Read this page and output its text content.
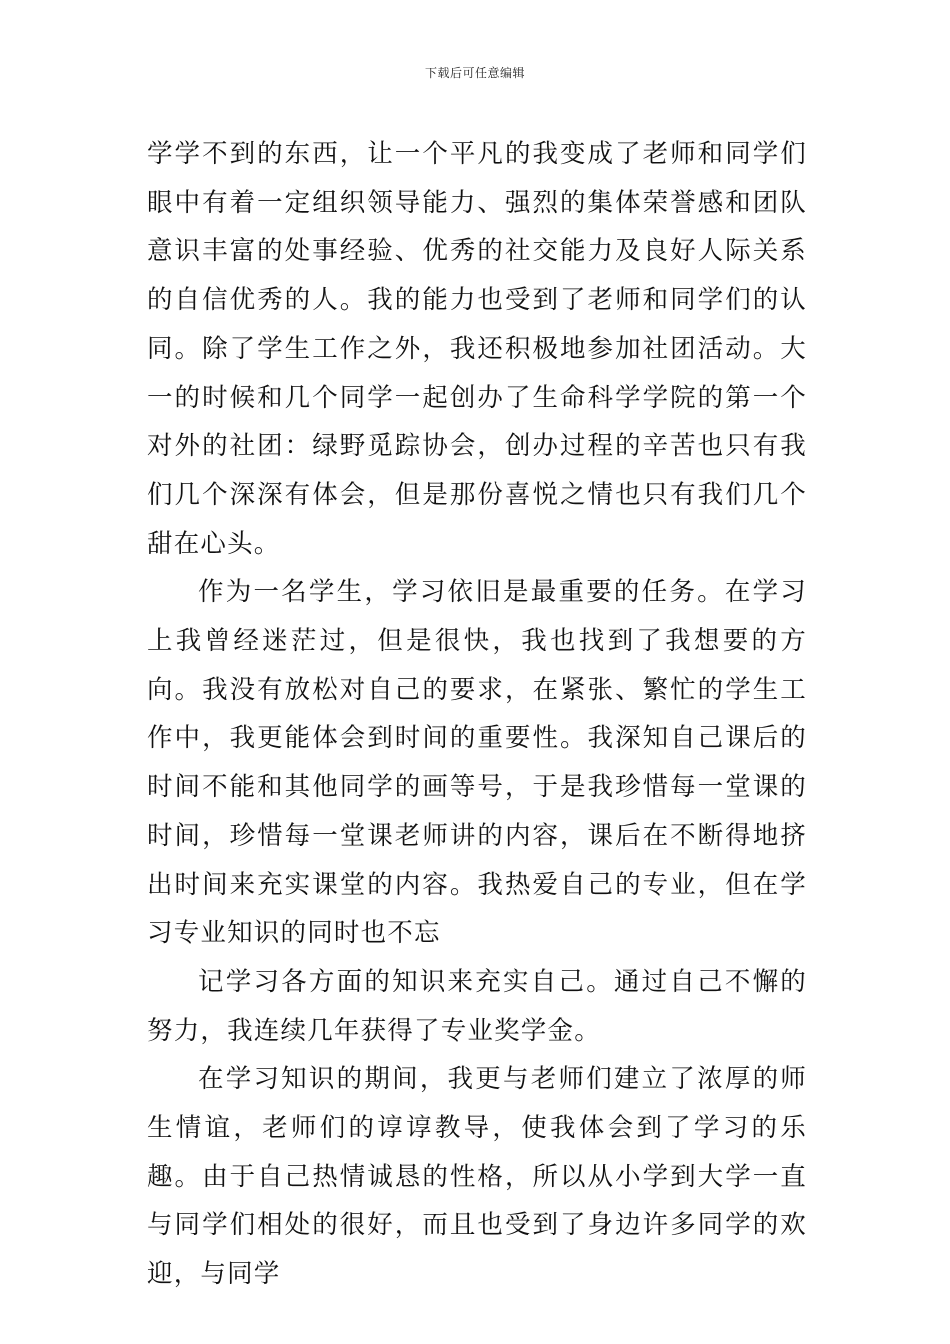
下载后可任意编辑

学学不到的东西，让一个平凡的我变成了老师和同学们眼中有着一定组织领导能力、强烈的集体荣誉感和团队意识丰富的处事经验、优秀的社交能力及良好人际关系的自信优秀的人。我的能力也受到了老师和同学们的认同。除了学生工作之外，我还积极地参加社团活动。大一的时候和几个同学一起创办了生命科学学院的第一个对外的社团：绿野觅踪协会，创办过程的辛苦也只有我们几个深深有体会，但是那份喜悦之情也只有我们几个甜在心头。

作为一名学生，学习依旧是最重要的任务。在学习上我曾经迷茫过，但是很快，我也找到了我想要的方向。我没有放松对自己的要求，在紧张、繁忙的学生工作中，我更能体会到时间的重要性。我深知自己课后的时间不能和其他同学的画等号，于是我珍惜每一堂课的时间，珍惜每一堂课老师讲的内容，课后在不断得地挤出时间来充实课堂的内容。我热爱自己的专业，但在学习专业知识的同时也不忘

记学习各方面的知识来充实自己。通过自己不懈的努力，我连续几年获得了专业奖学金。

在学习知识的期间，我更与老师们建立了浓厚的师生情谊，老师们的谆谆教导，使我体会到了学习的乐趣。由于自己热情诚恳的性格，所以从小学到大学一直与同学们相处的很好，而且也受到了身边许多同学的欢迎，与同学
